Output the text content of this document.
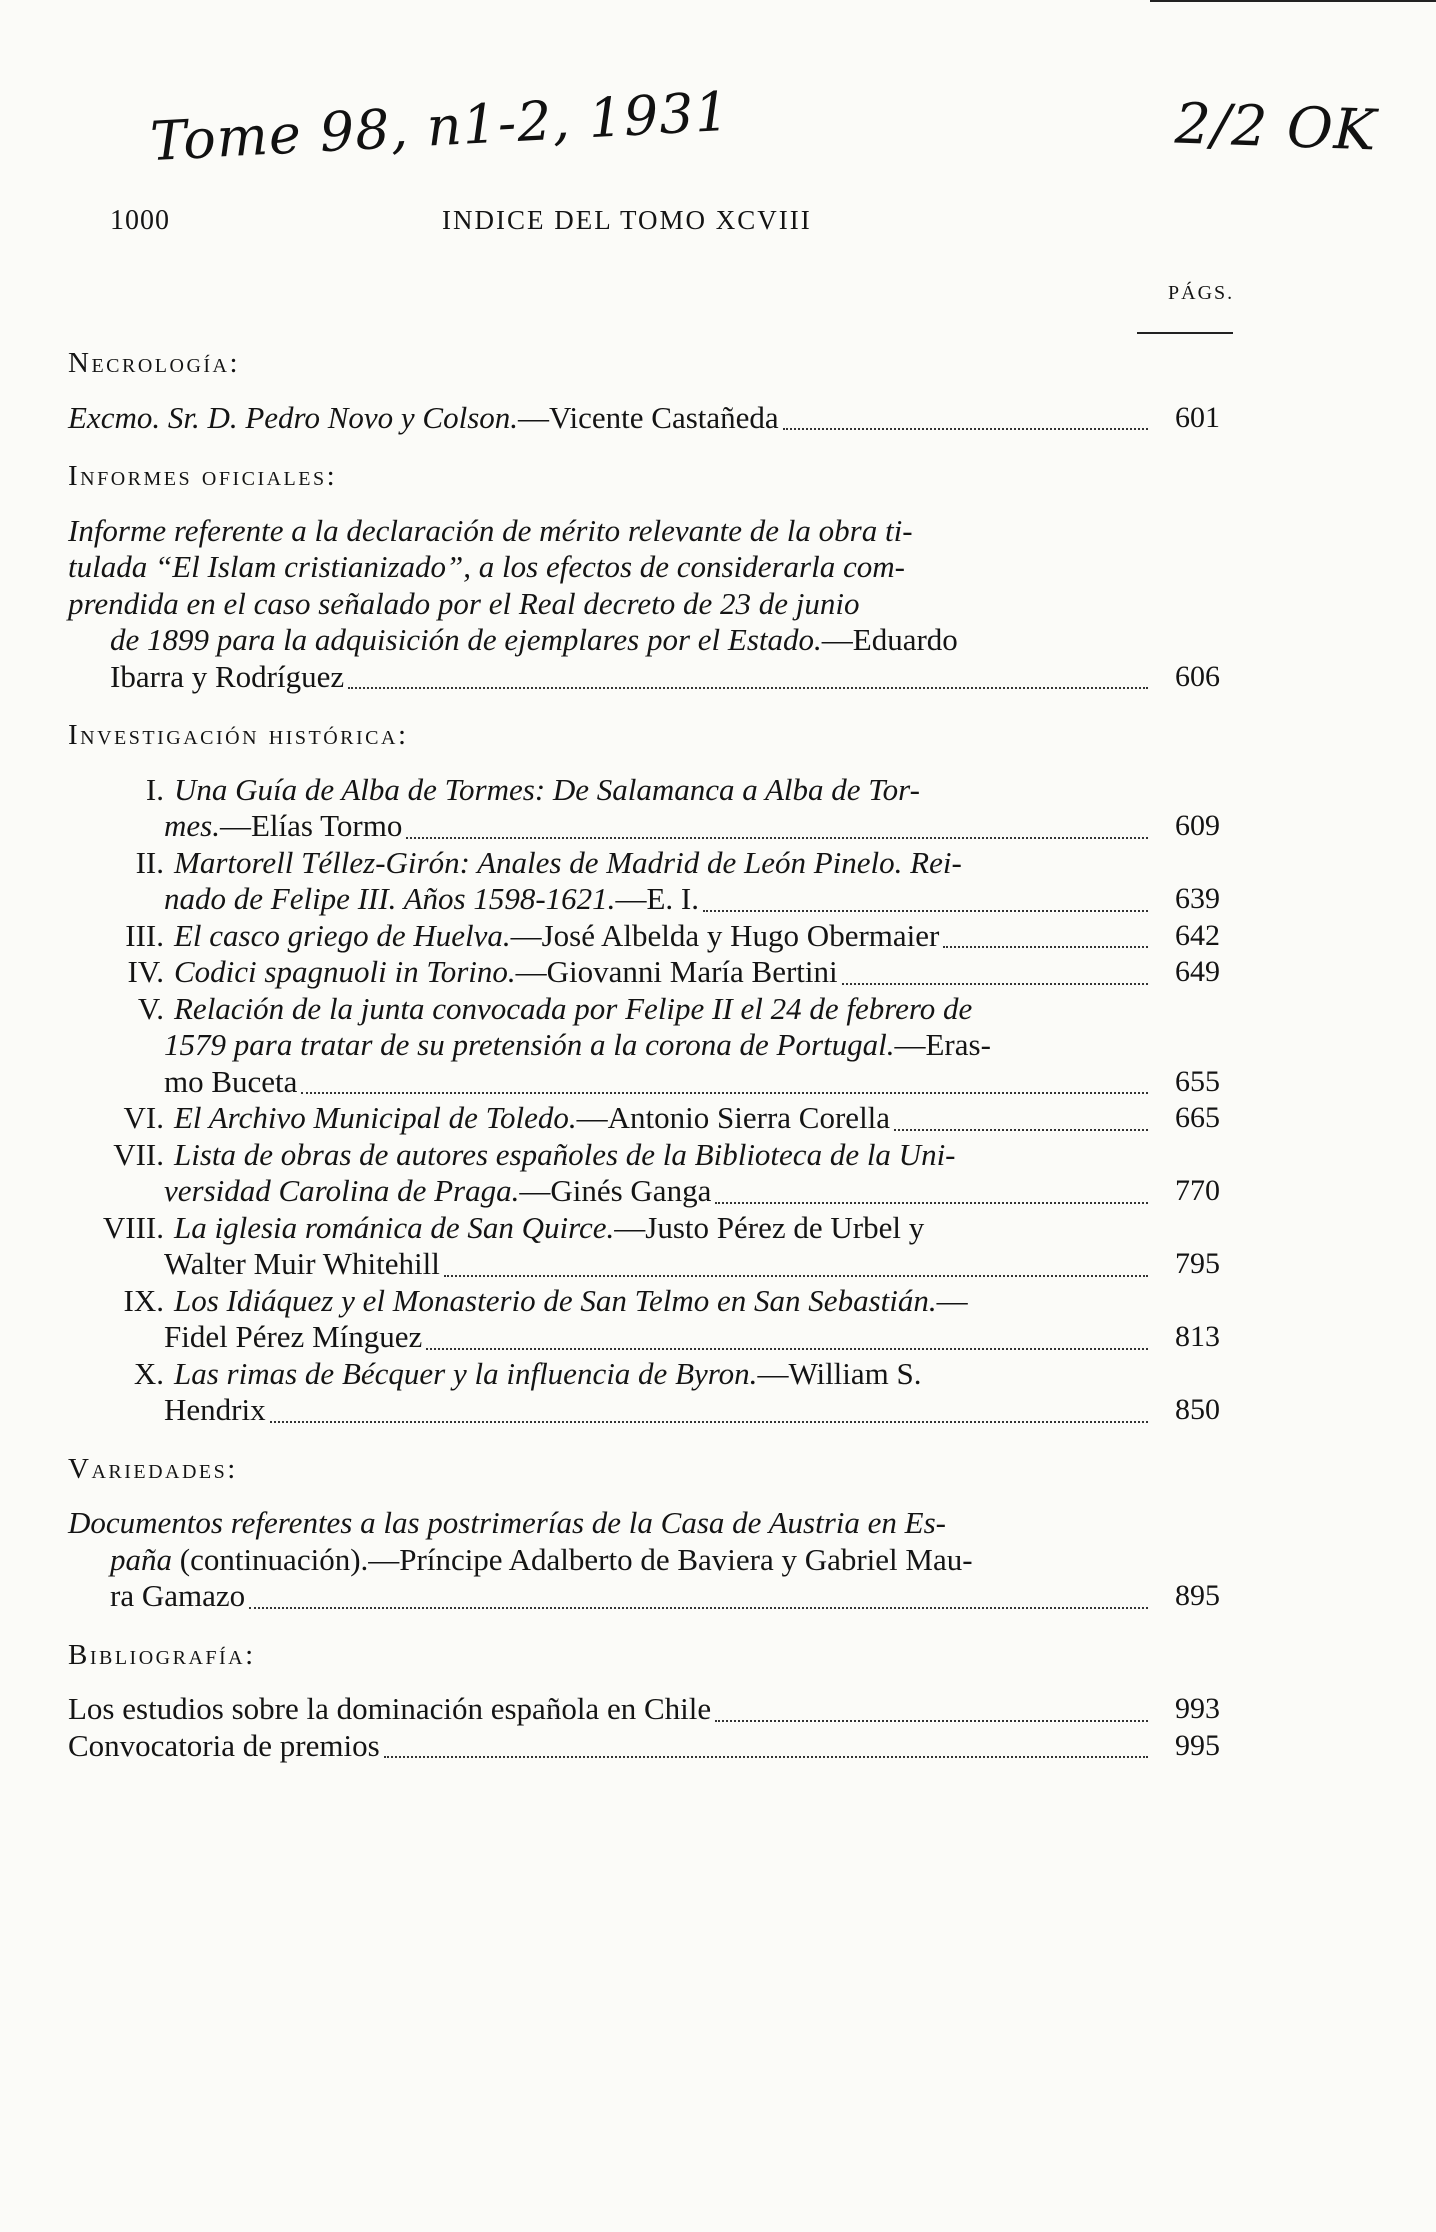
Tome 98, n1-2, 1931	2/2 OK
1000	INDICE DEL TOMO XCVIII
PÁGS.
Necrología:
Excmo. Sr. D. Pedro Novo y Colson.—Vicente Castañeda	601
Informes oficiales:
Informe referente a la declaración de mérito relevante de la obra ti-
tulada “El Islam cristianizado”, a los efectos de considerarla com-
prendida en el caso señalado por el Real decreto de 23 de junio
de 1899 para la adquisición de ejemplares por el Estado.—Eduardo
Ibarra y Rodríguez	606
Investigación histórica:
I. Una Guía de Alba de Tormes: De Salamanca a Alba de Tor-
mes.—Elías Tormo	609
II. Martorell Téllez-Girón: Anales de Madrid de León Pinelo. Rei-
nado de Felipe III. Años 1598-1621.—E. I.	639
III. El casco griego de Huelva.—José Albelda y Hugo Obermaier	642
IV. Codici spagnuoli in Torino.—Giovanni María Bertini	649
V. Relación de la junta convocada por Felipe II el 24 de febrero de
1579 para tratar de su pretensión a la corona de Portugal.—Eras-
mo Buceta	655
VI. El Archivo Municipal de Toledo.—Antonio Sierra Corella	665
VII. Lista de obras de autores españoles de la Biblioteca de la Uni-
versidad Carolina de Praga.—Ginés Ganga	770
VIII. La iglesia románica de San Quirce.—Justo Pérez de Urbel y
Walter Muir Whitehill	795
IX. Los Idiáquez y el Monasterio de San Telmo en San Sebastián.—
Fidel Pérez Mínguez	813
X. Las rimas de Bécquer y la influencia de Byron.—William S.
Hendrix	850
Variedades:
Documentos referentes a las postrimerías de la Casa de Austria en Es-
paña (continuación).—Príncipe Adalberto de Baviera y Gabriel Mau-
ra Gamazo	895
Bibliografía:
Los estudios sobre la dominación española en Chile	993
Convocatoria de premios	995
